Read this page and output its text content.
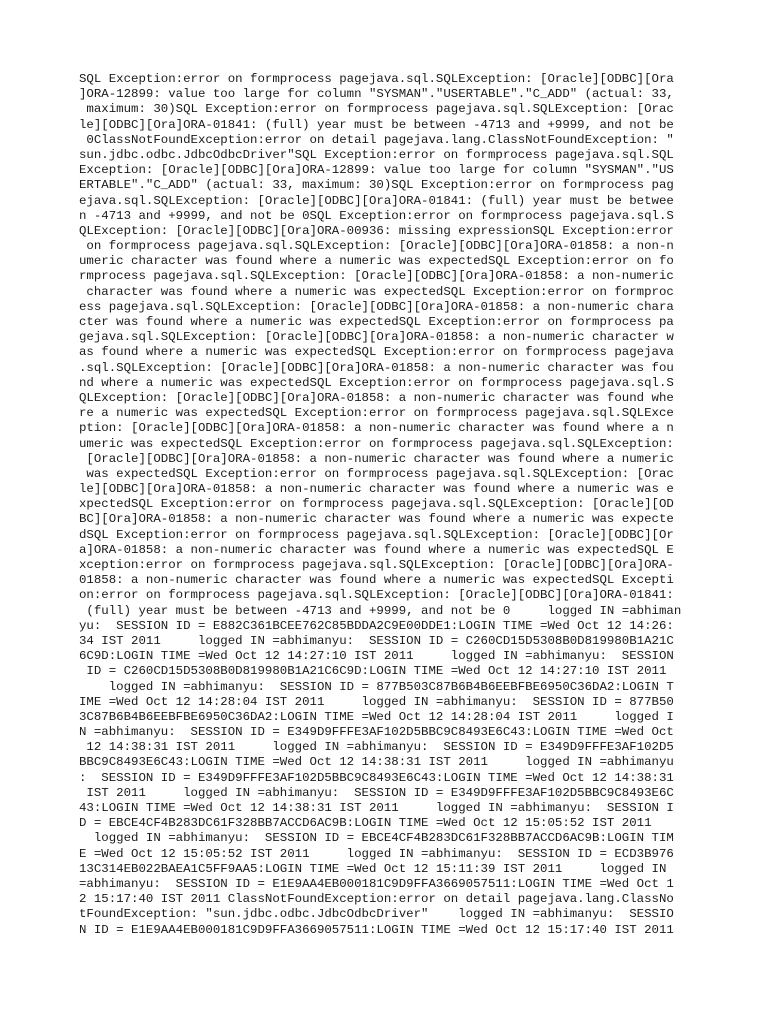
SQL Exception:error on formprocess pagejava.sql.SQLException: [Oracle][ODBC][Ora
]ORA-12899: value too large for column "SYSMAN"."USERTABLE"."C_ADD" (actual: 33,
maximum: 30)SQL Exception:error on formprocess pagejava.sql.SQLException: [Orac
le][ODBC][Ora]ORA-01841: (full) year must be between -4713 and +9999, and not be
0ClassNotFoundException:error on detail pagejava.lang.ClassNotFoundException: "
sun.jdbc.odbc.JdbcOdbcDriver"SQL Exception:error on formprocess pagejava.sql.SQL
Exception: [Oracle][ODBC][Ora]ORA-12899: value too large for column "SYSMAN"."US
ERTABLE"."C_ADD" (actual: 33, maximum: 30)SQL Exception:error on formprocess pag
ejava.sql.SQLException: [Oracle][ODBC][Ora]ORA-01841: (full) year must be betwee
n -4713 and +9999, and not be 0SQL Exception:error on formprocess pagejava.sql.S
QLException: [Oracle][ODBC][Ora]ORA-00936: missing expressionSQL Exception:error
on formprocess pagejava.sql.SQLException: [Oracle][ODBC][Ora]ORA-01858: a non-n
umeric character was found where a numeric was expectedSQL Exception:error on fo
rmprocess pagejava.sql.SQLException: [Oracle][ODBC][Ora]ORA-01858: a non-numeric
character was found where a numeric was expectedSQL Exception:error on formproc
ess pagejava.sql.SQLException: [Oracle][ODBC][Ora]ORA-01858: a non-numeric chara
cter was found where a numeric was expectedSQL Exception:error on formprocess pa
gejava.sql.SQLException: [Oracle][ODBC][Ora]ORA-01858: a non-numeric character w
as found where a numeric was expectedSQL Exception:error on formprocess pagejava
.sql.SQLException: [Oracle][ODBC][Ora]ORA-01858: a non-numeric character was fou
nd where a numeric was expectedSQL Exception:error on formprocess pagejava.sql.S
QLException: [Oracle][ODBC][Ora]ORA-01858: a non-numeric character was found whe
re a numeric was expectedSQL Exception:error on formprocess pagejava.sql.SQLExce
ption: [Oracle][ODBC][Ora]ORA-01858: a non-numeric character was found where a n
umeric was expectedSQL Exception:error on formprocess pagejava.sql.SQLException:
[Oracle][ODBC][Ora]ORA-01858: a non-numeric character was found where a numeric
was expectedSQL Exception:error on formprocess pagejava.sql.SQLException: [Orac
le][ODBC][Ora]ORA-01858: a non-numeric character was found where a numeric was e
xpectedSQL Exception:error on formprocess pagejava.sql.SQLException: [Oracle][OD
BC][Ora]ORA-01858: a non-numeric character was found where a numeric was expecte
dSQL Exception:error on formprocess pagejava.sql.SQLException: [Oracle][ODBC][Or
a]ORA-01858: a non-numeric character was found where a numeric was expectedSQL E
xception:error on formprocess pagejava.sql.SQLException: [Oracle][ODBC][Ora]ORA-
01858: a non-numeric character was found where a numeric was expectedSQL Excepti
on:error on formprocess pagejava.sql.SQLException: [Oracle][ODBC][Ora]ORA-01841:
(full) year must be between -4713 and +9999, and not be 0     logged IN =abhiman
yu:  SESSION ID = E882C361BCEE762C85BDDA2C9E00DDE1:LOGIN TIME =Wed Oct 12 14:26:
34 IST 2011     logged IN =abhimanyu:  SESSION ID = C260CD15D5308B0D819980B1A21C
6C9D:LOGIN TIME =Wed Oct 12 14:27:10 IST 2011     logged IN =abhimanyu:  SESSION
ID = C260CD15D5308B0D819980B1A21C6C9D:LOGIN TIME =Wed Oct 12 14:27:10 IST 2011
logged IN =abhimanyu:  SESSION ID = 877B503C87B6B4B6EEBFBE6950C36DA2:LOGIN T
IME =Wed Oct 12 14:28:04 IST 2011     logged IN =abhimanyu:  SESSION ID = 877B50
3C87B6B4B6EEBFBE6950C36DA2:LOGIN TIME =Wed Oct 12 14:28:04 IST 2011     logged I
N =abhimanyu:  SESSION ID = E349D9FFFE3AF102D5BBC9C8493E6C43:LOGIN TIME =Wed Oct
12 14:38:31 IST 2011     logged IN =abhimanyu:  SESSION ID = E349D9FFFE3AF102D5
BBC9C8493E6C43:LOGIN TIME =Wed Oct 12 14:38:31 IST 2011     logged IN =abhimanyu
:  SESSION ID = E349D9FFFE3AF102D5BBC9C8493E6C43:LOGIN TIME =Wed Oct 12 14:38:31
IST 2011     logged IN =abhimanyu:  SESSION ID = E349D9FFFE3AF102D5BBC9C8493E6C
43:LOGIN TIME =Wed Oct 12 14:38:31 IST 2011     logged IN =abhimanyu:  SESSION I
D = EBCE4CF4B283DC61F328BB7ACCD6AC9B:LOGIN TIME =Wed Oct 12 15:05:52 IST 2011
logged IN =abhimanyu:  SESSION ID = EBCE4CF4B283DC61F328BB7ACCD6AC9B:LOGIN TIM
E =Wed Oct 12 15:05:52 IST 2011     logged IN =abhimanyu:  SESSION ID = ECD3B976
13C314EB022BAEA1C5FF9AA5:LOGIN TIME =Wed Oct 12 15:11:39 IST 2011     logged IN
=abhimanyu:  SESSION ID = E1E9AA4EB000181C9D9FFA3669057511:LOGIN TIME =Wed Oct 1
2 15:17:40 IST 2011 ClassNotFoundException:error on detail pagejava.lang.ClassNo
tFoundException: "sun.jdbc.odbc.JdbcOdbcDriver"    logged IN =abhimanyu:  SESSIO
N ID = E1E9AA4EB000181C9D9FFA3669057511:LOGIN TIME =Wed Oct 12 15:17:40 IST 2011
